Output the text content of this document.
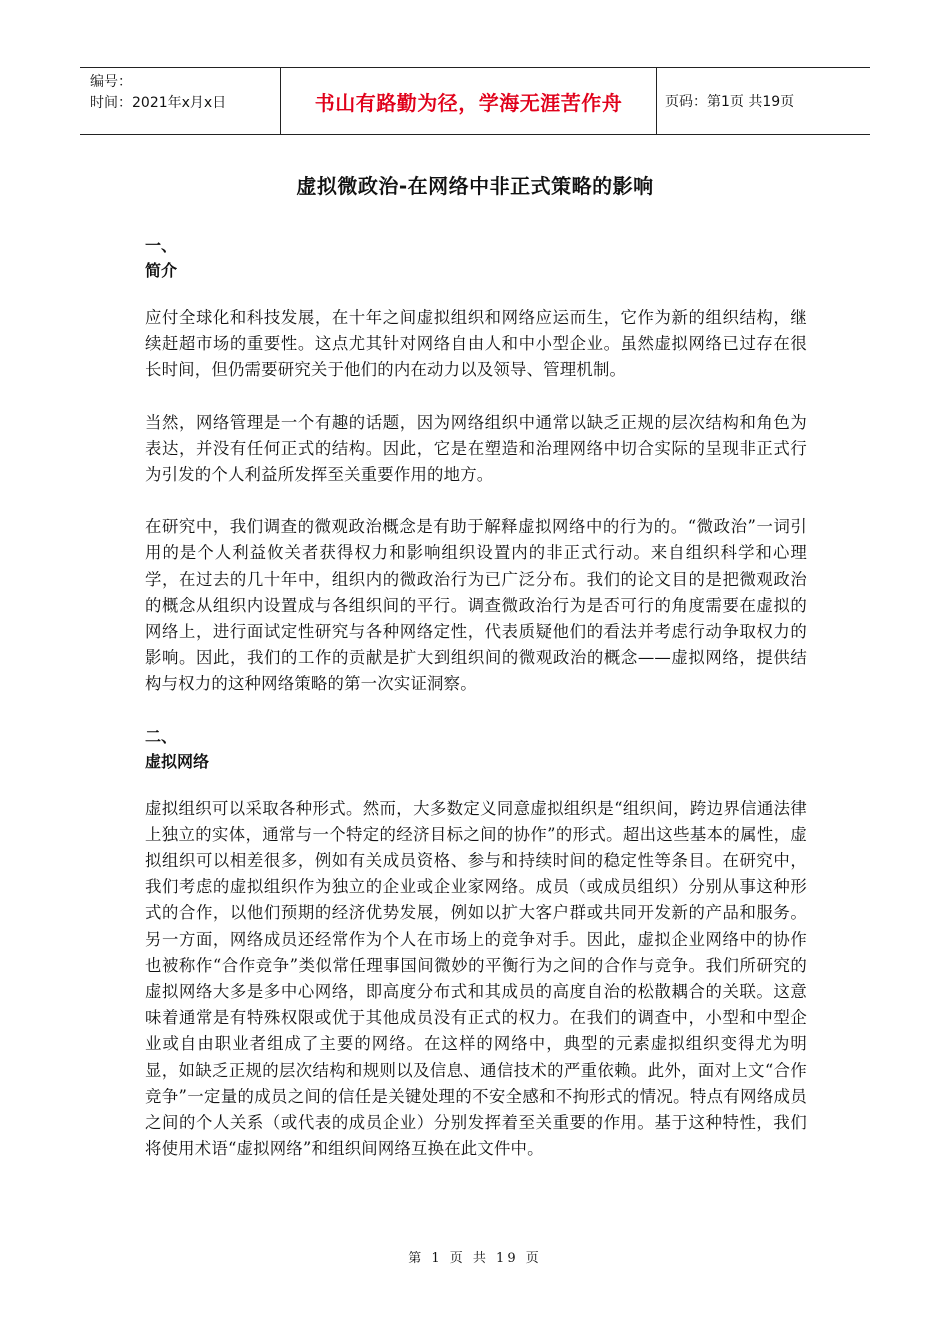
编号：
时间：2021年x月x日	书山有路勤为径，学海无涯苦作舟	页码：第1页 共19页
虚拟微政治-在网络中非正式策略的影响
一、
简介

应付全球化和科技发展，在十年之间虚拟组织和网络应运而生，它作为新的组织结构，继续赶超市场的重要性。这点尤其针对网络自由人和中小型企业。虽然虚拟网络已过存在很长时间，但仍需要研究关于他们的内在动力以及领导、管理机制。

当然，网络管理是一个有趣的话题，因为网络组织中通常以缺乏正规的层次结构和角色为表达，并没有任何正式的结构。因此，它是在塑造和治理网络中切合实际的呈现非正式行为引发的个人利益所发挥至关重要作用的地方。

在研究中，我们调查的微观政治概念是有助于解释虚拟网络中的行为的。“微政治”一词引用的是个人利益攸关者获得权力和影响组织设置内的非正式行动。来自组织科学和心理学，在过去的几十年中，组织内的微政治行为已广泛分布。我们的论文目的是把微观政治的概念从组织内设置成与各组织间的平行。调查微政治行为是否可行的角度需要在虚拟的网络上，进行面试定性研究与各种网络定性，代表质疑他们的看法并考虑行动争取权力的影响。因此，我们的工作的贡献是扩大到组织间的微观政治的概念——虚拟网络，提供结构与权力的这种网络策略的第一次实证洞察。

二、
虚拟网络

虚拟组织可以采取各种形式。然而，大多数定义同意虚拟组织是“组织间，跨边界信通法律上独立的实体，通常与一个特定的经济目标之间的协作”的形式。超出这些基本的属性，虚拟组织可以相差很多，例如有关成员资格、参与和持续时间的稳定性等条目。在研究中，我们考虑的虚拟组织作为独立的企业或企业家网络。成员（或成员组织）分别从事这种形式的合作，以他们预期的经济优势发展，例如以扩大客户群或共同开发新的产品和服务。另一方面，网络成员还经常作为个人在市场上的竞争对手。因此，虚拟企业网络中的协作也被称作“合作竞争”类似常任理事国间微妙的平衡行为之间的合作与竞争。我们所研究的虚拟网络大多是多中心网络，即高度分布式和其成员的高度自治的松散耦合的关联。这意味着通常是有特殊权限或优于其他成员没有正式的权力。在我们的调查中，小型和中型企业或自由职业者组成了主要的网络。在这样的网络中，典型的元素虚拟组织变得尤为明显，如缺乏正规的层次结构和规则以及信息、通信技术的严重依赖。此外，面对上文“合作竞争”一定量的成员之间的信任是关键处理的不安全感和不拘形式的情况。特点有网络成员之间的个人关系（或代表的成员企业）分别发挥着至关重要的作用。基于这种特性，我们将使用术语“虚拟网络”和组织间网络互换在此文件中。

第 1 页 共 19 页
